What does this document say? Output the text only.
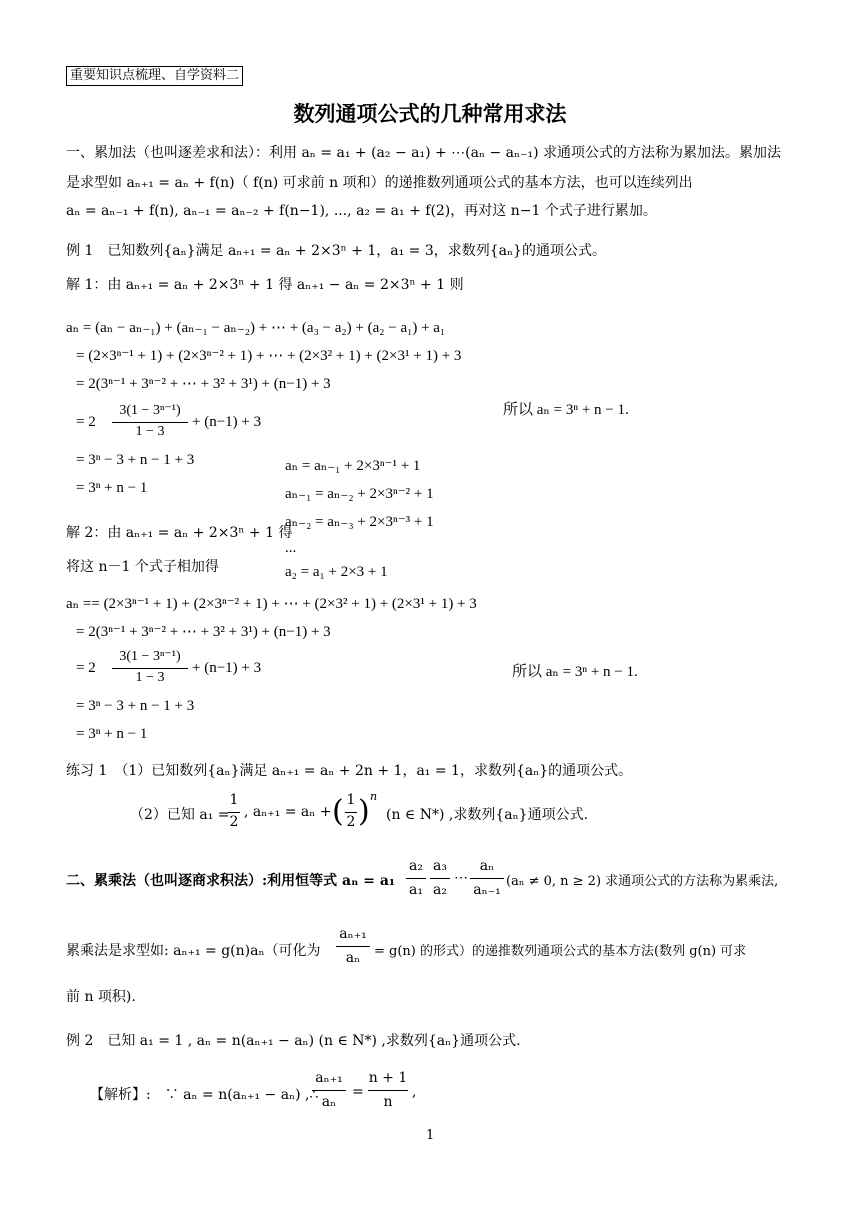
重要知识点梳理、自学资料二
数列通项公式的几种常用求法
一、累加法（也叫逐差求和法）：利用 aₙ = a₁ + (a₂ − a₁) + ⋯(aₙ − aₙ₋₁) 求通项公式的方法称为累加法。累加法
是求型如 aₙ₊₁ = aₙ + f(n)（ f(n) 可求前 n 项和）的递推数列通项公式的基本方法，也可以连续列出
aₙ = aₙ₋₁ + f(n), aₙ₋₁ = aₙ₋₂ + f(n−1), ..., a₂ = a₁ + f(2)，再对这 n−1 个式子进行累加。
例 1　已知数列{aₙ}满足 aₙ₊₁ = aₙ + 2×3ⁿ + 1，a₁ = 3，求数列{aₙ}的通项公式。
解 1：由 aₙ₊₁ = aₙ + 2×3ⁿ + 1 得 aₙ₊₁ − aₙ = 2×3ⁿ + 1 则
aₙ = (aₙ − aₙ₋₁) + (aₙ₋₁ − aₙ₋₂) + ⋯ + (a₃ − a₂) + (a₂ − a₁) + a₁
= (2×3ⁿ⁻¹ + 1) + (2×3ⁿ⁻² + 1) + ⋯ + (2×3² + 1) + (2×3¹ + 1) + 3
= 2(3ⁿ⁻¹ + 3ⁿ⁻² + ⋯ + 3² + 3¹) + (n−1) + 3
= 2
3(1 − 3ⁿ⁻¹)
1 − 3
+ (n−1) + 3
= 3ⁿ − 3 + n − 1 + 3
= 3ⁿ + n − 1
所以 aₙ = 3ⁿ + n − 1.
aₙ = aₙ₋₁ + 2×3ⁿ⁻¹ + 1
aₙ₋₁ = aₙ₋₂ + 2×3ⁿ⁻² + 1
aₙ₋₂ = aₙ₋₃ + 2×3ⁿ⁻³ + 1
...
a₂ = a₁ + 2×3 + 1
解 2：由 aₙ₊₁ = aₙ + 2×3ⁿ + 1 得
将这 n－1 个式子相加得
aₙ == (2×3ⁿ⁻¹ + 1) + (2×3ⁿ⁻² + 1) + ⋯ + (2×3² + 1) + (2×3¹ + 1) + 3
= 2(3ⁿ⁻¹ + 3ⁿ⁻² + ⋯ + 3² + 3¹) + (n−1) + 3
= 2
3(1 − 3ⁿ⁻¹)
1 − 3
+ (n−1) + 3
= 3ⁿ − 3 + n − 1 + 3
= 3ⁿ + n − 1
所以 aₙ = 3ⁿ + n − 1.
练习 1　（1）已知数列{aₙ}满足 aₙ₊₁ = aₙ + 2n + 1，a₁ = 1，求数列{aₙ}的通项公式。
（2）已知 a₁ =
1
2
, aₙ₊₁ = aₙ + ( 1
2 ) n
(n ∈ N*) ,求数列{aₙ}通项公式.
二、累乘法（也叫逐商求积法）:利用恒等式 aₙ = a₁
a₂
a₁
a₃
a₂
⋯
aₙ
aₙ₋₁
(aₙ ≠ 0, n ≥ 2) 求通项公式的方法称为累乘法,
累乘法是求型如: aₙ₊₁ = g(n)aₙ（可化为
aₙ₊₁
aₙ	= g(n) 的形式）的递推数列通项公式的基本方法(数列 g(n) 可求
前 n 项积).
例 2　已知 a₁ = 1 , aₙ = n(aₙ₊₁ − aₙ) (n ∈ N*) ,求数列{aₙ}通项公式.
【解析】:　∵ aₙ = n(aₙ₊₁ − aₙ) ,∴
aₙ₊₁
aₙ
=
n + 1
n
,
1
